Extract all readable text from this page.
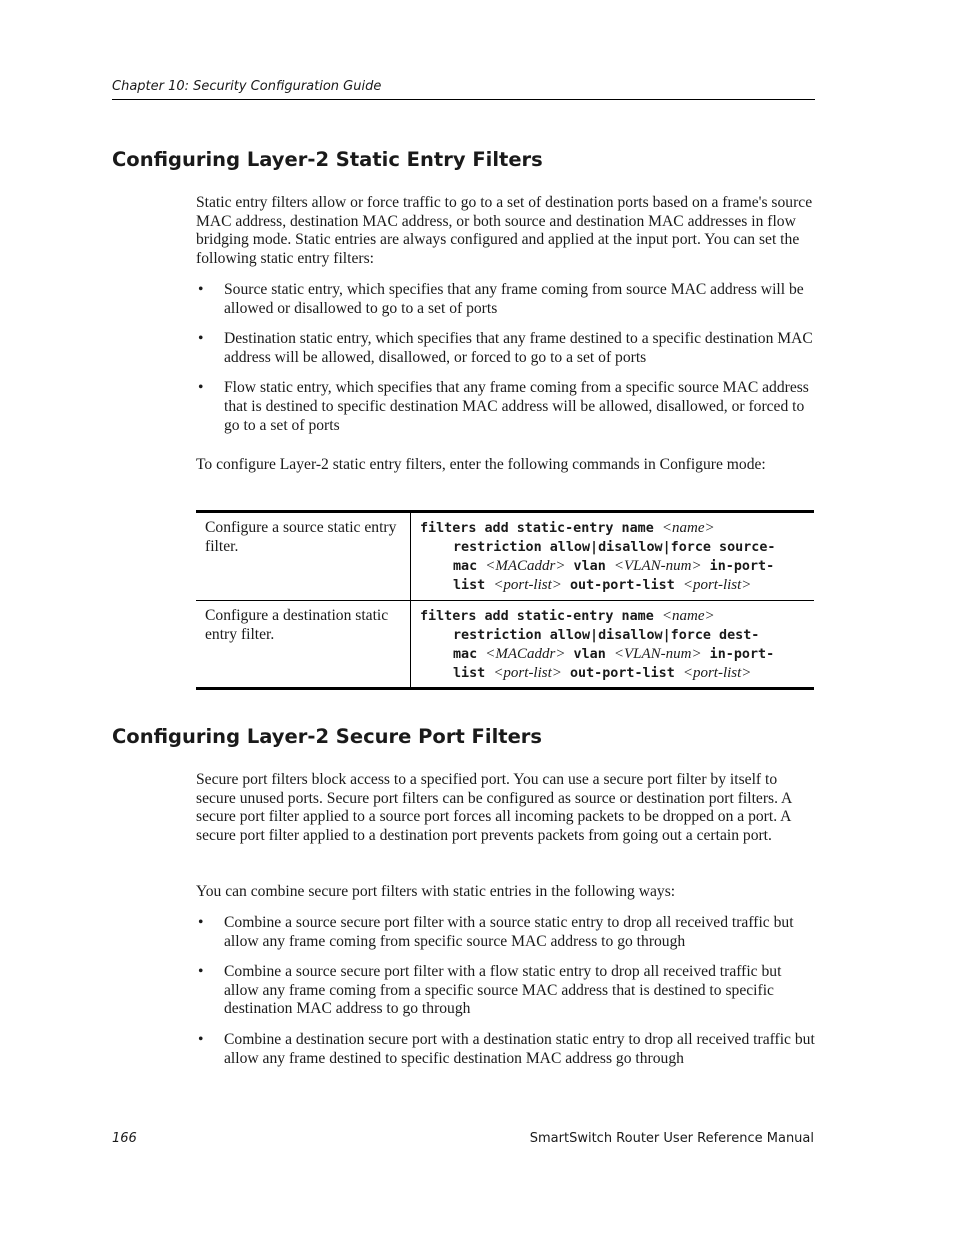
Chapter 10: Security Configuration Guide
Configuring Layer-2 Static Entry Filters

Static entry filters allow or force traffic to go to a set of destination ports based on a frame's source MAC address, destination MAC address, or both source and destination MAC addresses in flow bridging mode. Static entries are always configured and applied at the input port. You can set the following static entry filters:

• Source static entry, which specifies that any frame coming from source MAC address will be allowed or disallowed to go to a set of ports
• Destination static entry, which specifies that any frame destined to a specific destination MAC address will be allowed, disallowed, or forced to go to a set of ports
• Flow static entry, which specifies that any frame coming from a specific source MAC address that is destined to specific destination MAC address will be allowed, disallowed, or forced to go to a set of ports

To configure Layer-2 static entry filters, enter the following commands in Configure mode:

Configure a source static entry filter.
filters add static-entry name <name>
restriction allow|disallow|force source-
mac <MACaddr> vlan <VLAN-num> in-port-
list <port-list> out-port-list <port-list>
Configure a destination static entry filter.
filters add static-entry name <name>
restriction allow|disallow|force dest-
mac <MACaddr> vlan <VLAN-num> in-port-
list <port-list> out-port-list <port-list>
Configuring Layer-2 Secure Port Filters

Secure port filters block access to a specified port. You can use a secure port filter by itself to secure unused ports. Secure port filters can be configured as source or destination port filters. A secure port filter applied to a source port forces all incoming packets to be dropped on a port. A secure port filter applied to a destination port prevents packets from going out a certain port.

You can combine secure port filters with static entries in the following ways:

• Combine a source secure port filter with a source static entry to drop all received traffic but allow any frame coming from specific source MAC address to go through
• Combine a source secure port filter with a flow static entry to drop all received traffic but allow any frame coming from a specific source MAC address that is destined to specific destination MAC address to go through
• Combine a destination secure port with a destination static entry to drop all received traffic but allow any frame destined to specific destination MAC address go through
166	SmartSwitch Router User Reference Manual
